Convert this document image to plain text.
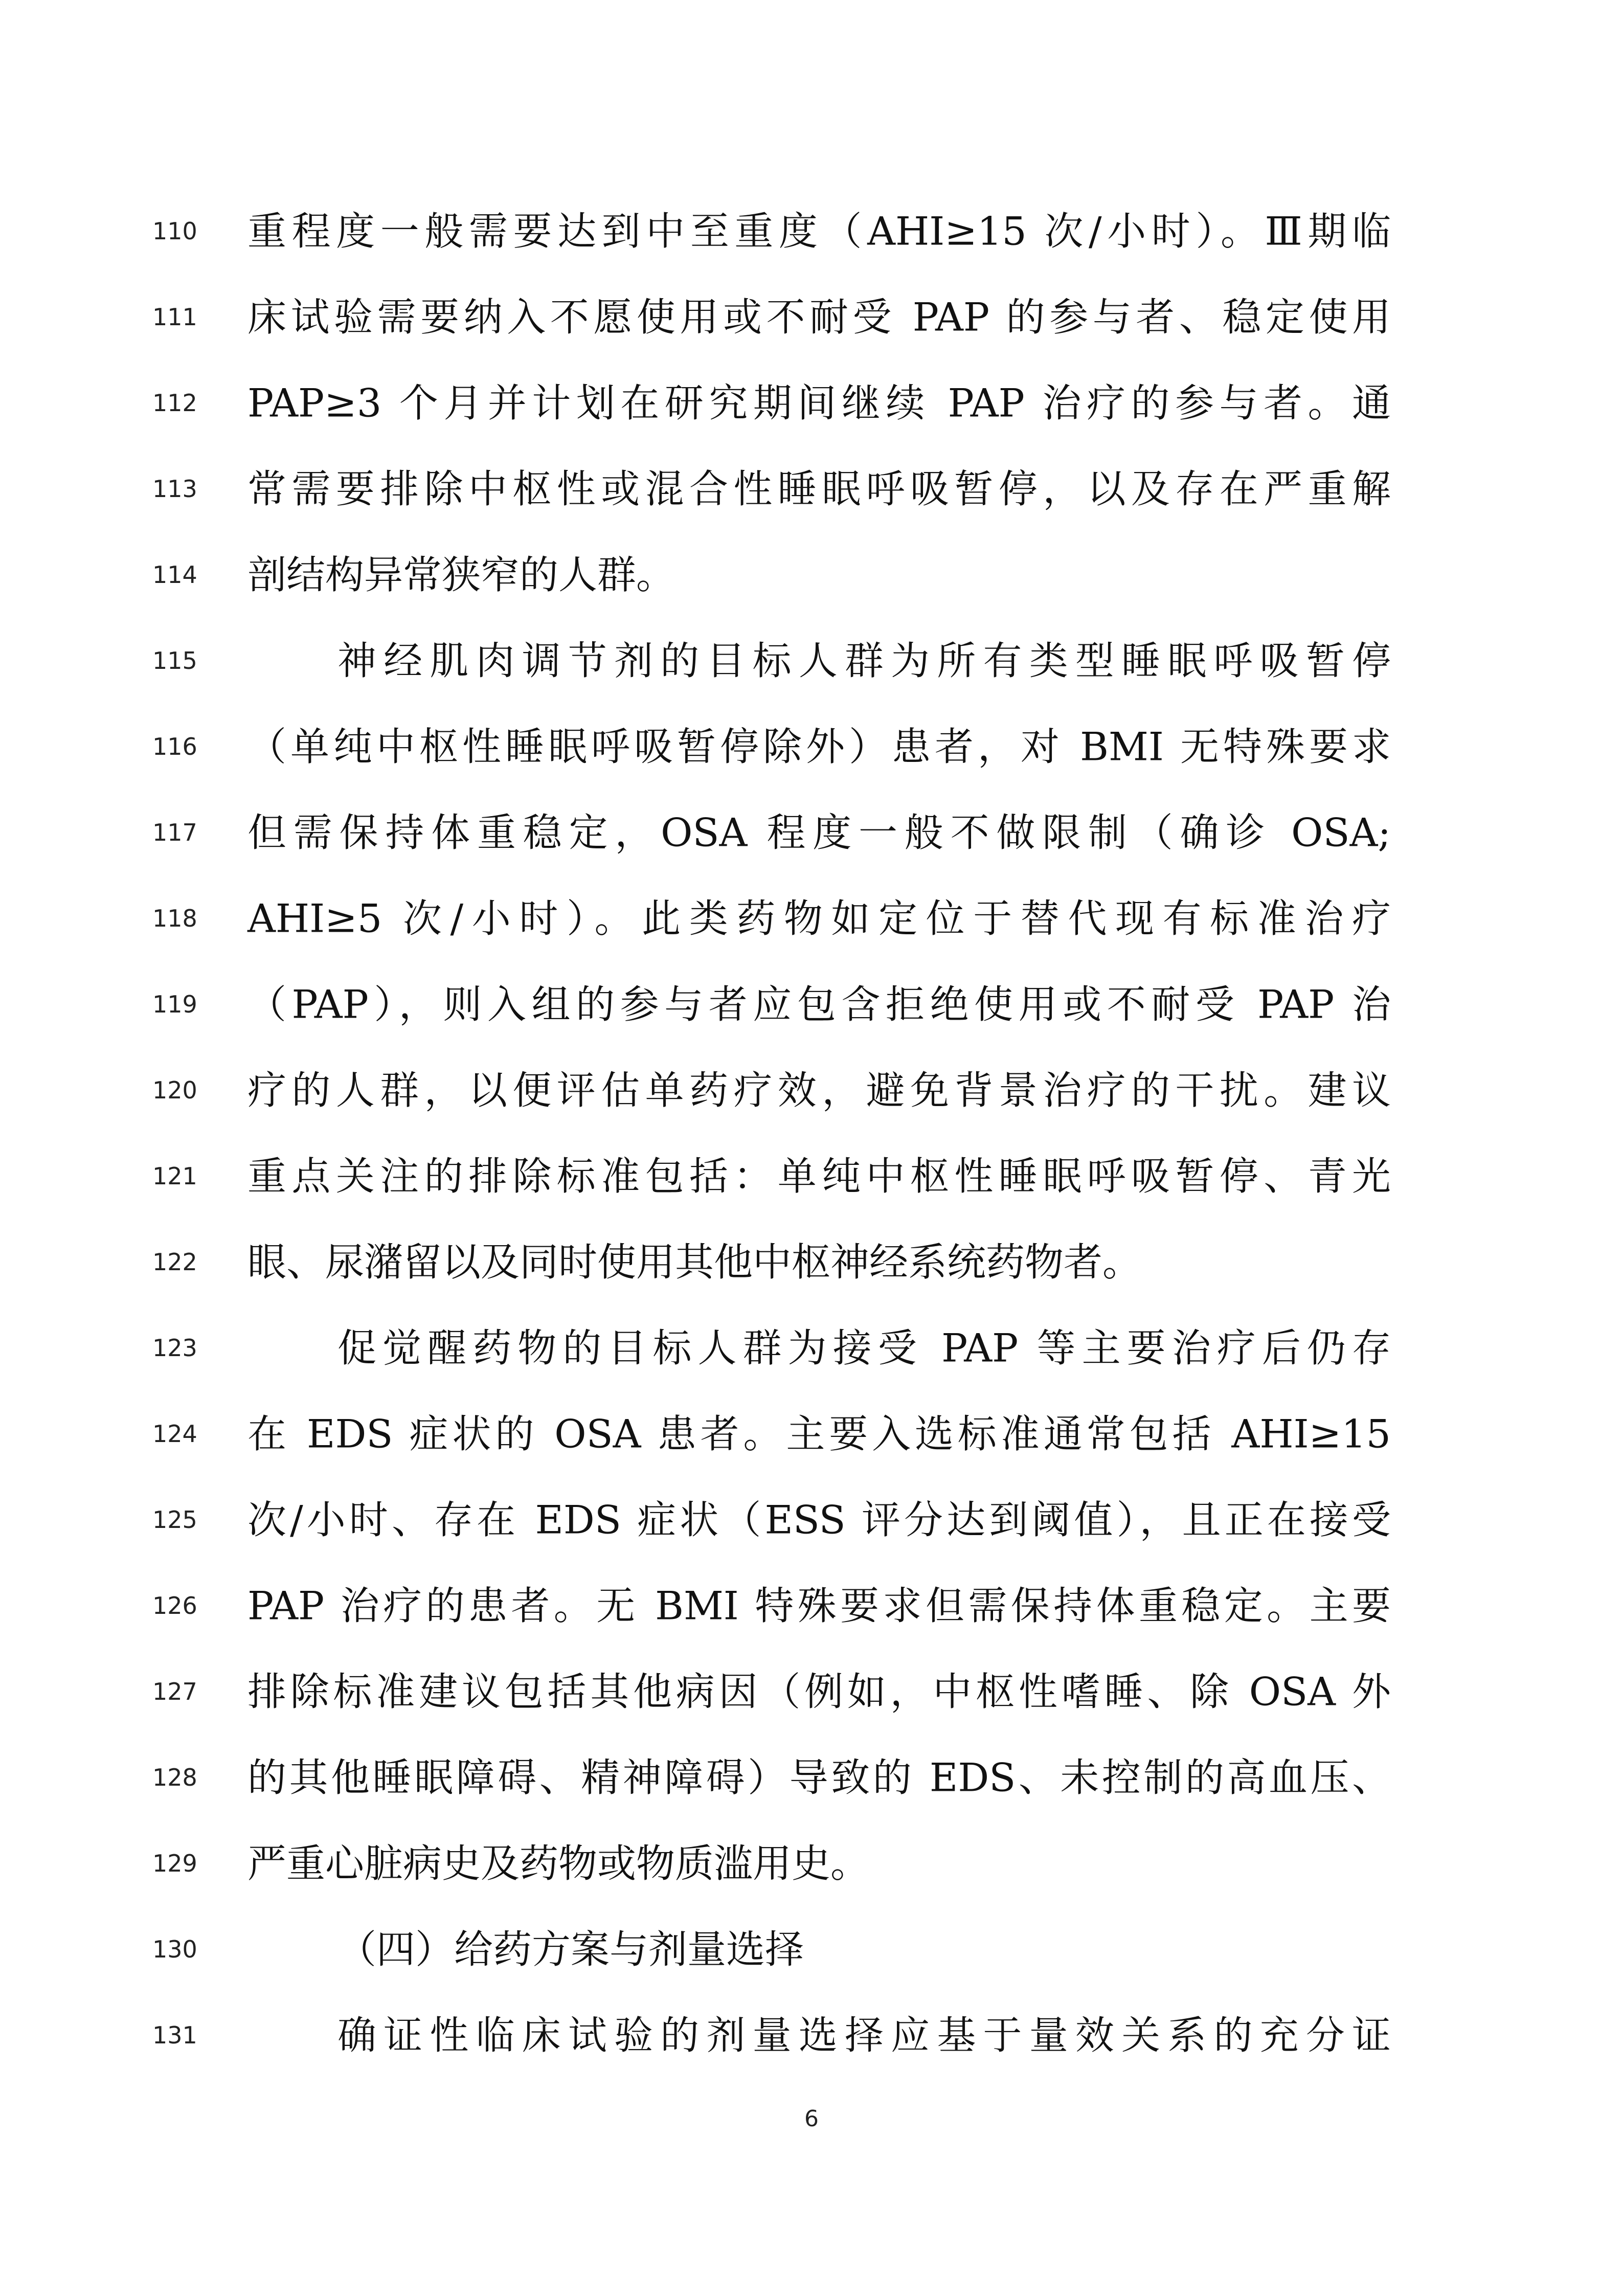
110	重程度一般需要达到中至重度（AHI≥15 次/小时）。Ⅲ期临
111	床试验需要纳入不愿使用或不耐受 PAP 的参与者、稳定使用
112	PAP≥3 个月并计划在研究期间继续 PAP 治疗的参与者。通
113	常需要排除中枢性或混合性睡眠呼吸暂停，以及存在严重解
114	剖结构异常狭窄的人群。
115	神经肌肉调节剂的目标人群为所有类型睡眠呼吸暂停
116	（单纯中枢性睡眠呼吸暂停除外）患者，对 BMI 无特殊要求
117	但需保持体重稳定，OSA 程度一般不做限制（确诊 OSA;
118	AHI≥5 次/小时）。此类药物如定位于替代现有标准治疗
119	（PAP），则入组的参与者应包含拒绝使用或不耐受 PAP 治
120	疗的人群，以便评估单药疗效，避免背景治疗的干扰。建议
121	重点关注的排除标准包括：单纯中枢性睡眠呼吸暂停、青光
122	眼、尿潴留以及同时使用其他中枢神经系统药物者。
123	促觉醒药物的目标人群为接受 PAP 等主要治疗后仍存
124	在 EDS 症状的 OSA 患者。主要入选标准通常包括 AHI≥15
125	次/小时、存在 EDS 症状（ESS 评分达到阈值），且正在接受
126	PAP 治疗的患者。无 BMI 特殊要求但需保持体重稳定。主要
127	排除标准建议包括其他病因（例如，中枢性嗜睡、除 OSA 外
128	的其他睡眠障碍、精神障碍）导致的 EDS、未控制的高血压、
129	严重心脏病史及药物或物质滥用史。
130	（四）给药方案与剂量选择
131	确证性临床试验的剂量选择应基于量效关系的充分证
6
